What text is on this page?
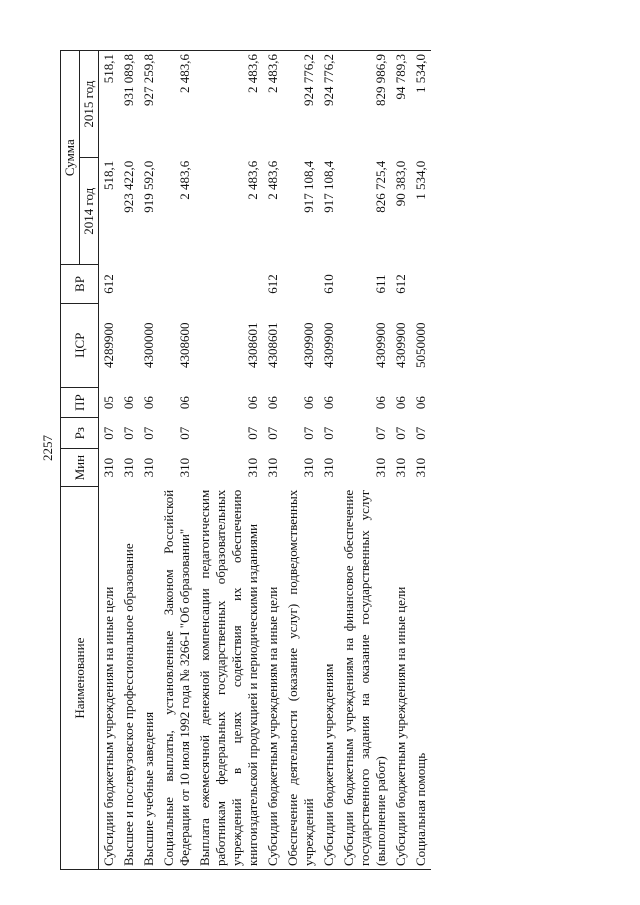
2257
Наименование	Мин	Рз	ПР	ЦСР	ВР	Сумма	
						2014 год	2015 год
Субсидии бюджетным учреждениям на иные цели	310	07	05	4289900	612	518,1	518,1
Высшее и послевузовское профессиональное образование	310	07	06			923 422,0	931 089,8
Высшие учебные заведения	310	07	06	4300000		919 592,0	927 259,8
Социальные выплаты, установленные Законом Российской Федерации от 10 июля 1992 года № 3266-I "Об образовании"	310	07	06	4308600		2 483,6	2 483,6
Выплата ежемесячной денежной компенсации педагогическим работникам федеральных государственных образовательных учреждений в целях содействия их обеспечению книгоиздательской продукцией и периодическими изданиями	310	07	06	4308601		2 483,6	2 483,6
Субсидии бюджетным учреждениям на иные цели	310	07	06	4308601	612	2 483,6	2 483,6
Обеспечение деятельности (оказание услуг) подведомственных учреждений	310	07	06	4309900		917 108,4	924 776,2
Субсидии бюджетным учреждениям	310	07	06	4309900	610	917 108,4	924 776,2
Субсидии бюджетным учреждениям на финансовое обеспечение государственного задания на оказание государственных услуг (выполнение работ)	310	07	06	4309900	611	826 725,4	829 986,9
Субсидии бюджетным учреждениям на иные цели	310	07	06	4309900	612	90 383,0	94 789,3
Социальная помощь	310	07	06	5050000		1 534,0	1 534,0
